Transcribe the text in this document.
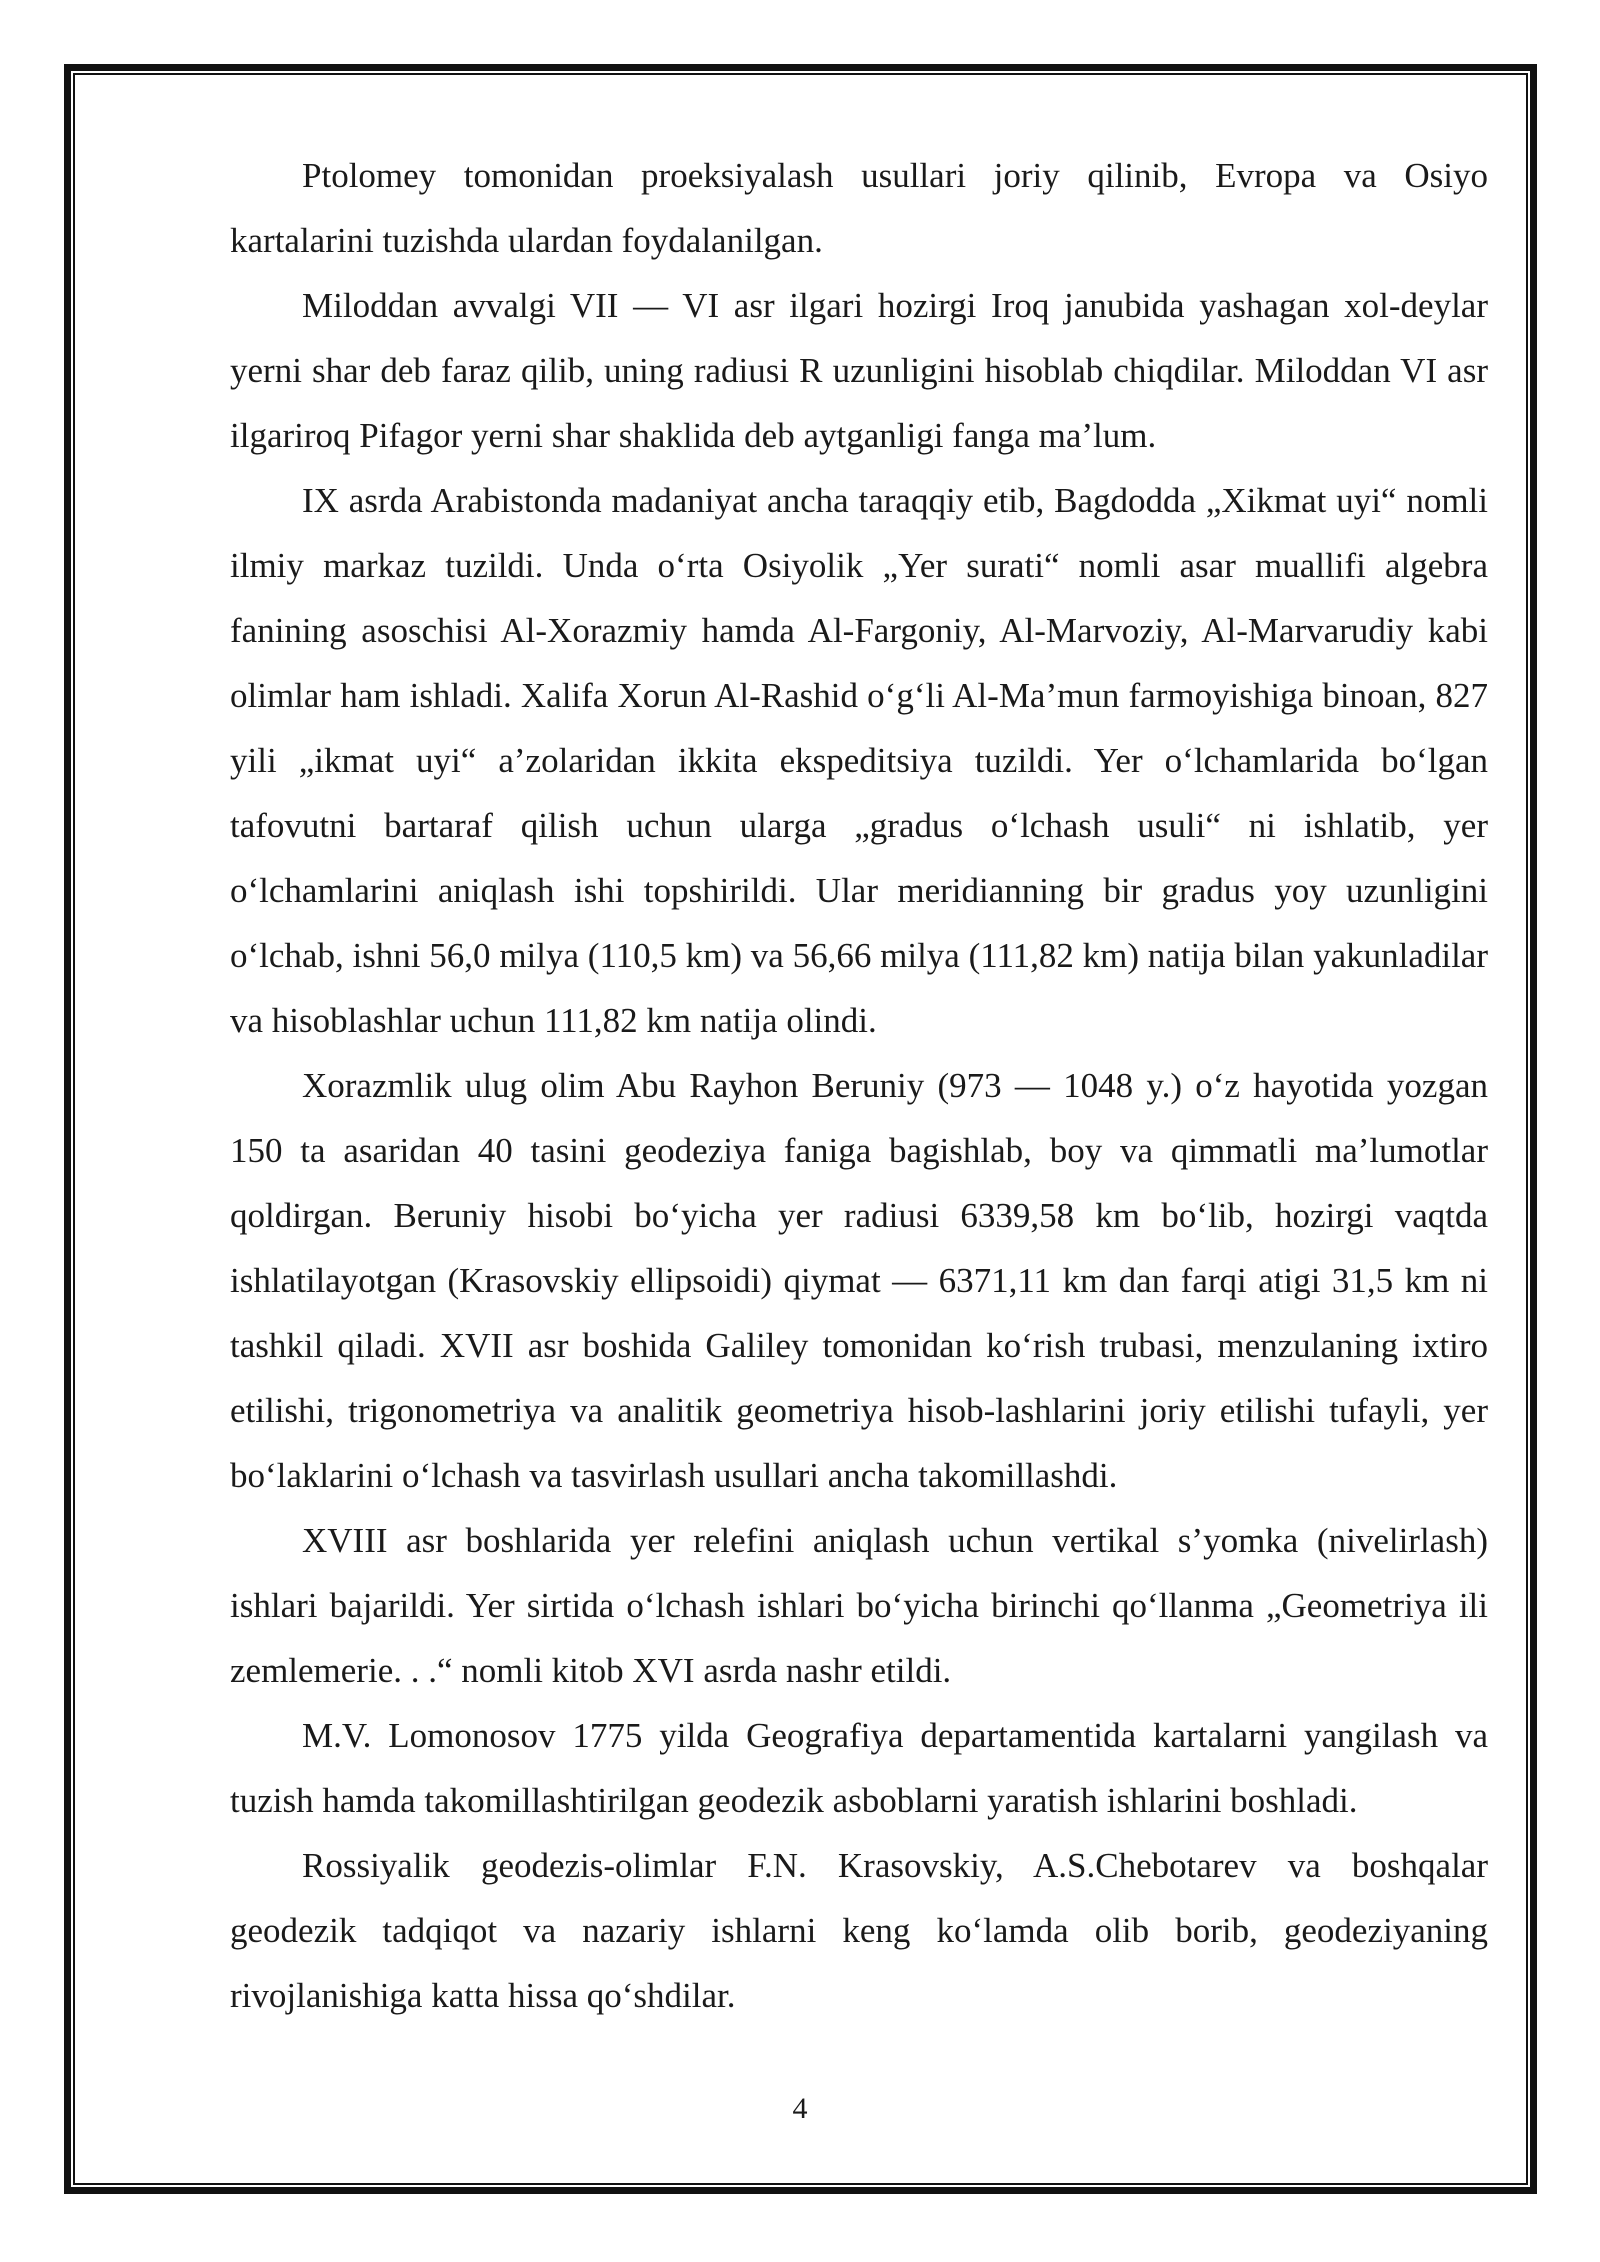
Ptolomey tomonidan proeksiyalash usullari joriy qilinib, Evropa va Osiyo kartalarini tuzishda ulardan foydalanilgan.

Miloddan avvalgi VII — VI asr ilgari hozirgi Iroq janubida yashagan xol-deylar yerni shar deb faraz qilib, uning radiusi R uzunligini hisoblab chiqdilar. Miloddan VI asr ilgariroq Pifagor yerni shar shaklida deb aytganligi fanga ma’lum.

IX asrda Arabistonda madaniyat ancha taraqqiy etib, Bagdodda „Xikmat uyi“ nomli ilmiy markaz tuzildi. Unda o‘rta Osiyolik „Yer surati“ nomli asar muallifi algebra fanining asoschisi Al-Xorazmiy hamda Al-Fargoniy, Al-Marvoziy, Al-Marvarudiy kabi olimlar ham ishladi. Xalifa Xorun Al-Rashid o‘g‘li Al-Ma’mun farmoyishiga binoan, 827 yili „ikmat uyi“ a’zolaridan ikkita ekspeditsiya tuzildi. Yer o‘lchamlarida bo‘lgan tafovutni bartaraf qilish uchun ularga „gradus o‘lchash usuli“ ni ishlatib, yer o‘lchamlarini aniqlash ishi topshirildi. Ular meridianning bir gradus yoy uzunligini o‘lchab, ishni 56,0 milya (110,5 km) va 56,66 milya (111,82 km) natija bilan yakunladilar va hisoblashlar uchun 111,82 km natija olindi.

Xorazmlik ulug olim Abu Rayhon Beruniy (973 — 1048 y.) o‘z hayotida yozgan 150 ta asaridan 40 tasini geodeziya faniga bagishlab, boy va qimmatli ma’lumotlar qoldirgan. Beruniy hisobi bo‘yicha yer radiusi 6339,58 km bo‘lib, hozirgi vaqtda ishlatilayotgan (Krasovskiy ellipsoidi) qiymat — 6371,11 km dan farqi atigi 31,5 km ni tashkil qiladi. XVII asr boshida Galiley tomonidan ko‘rish trubasi, menzulaning ixtiro etilishi, trigonometriya va analitik geometriya hisob-lashlarini joriy etilishi tufayli, yer bo‘laklarini o‘lchash va tasvirlash usullari ancha takomillashdi.

XVIII asr boshlarida yer relefini aniqlash uchun vertikal s’yomka (nivelirlash) ishlari bajarildi. Yer sirtida o‘lchash ishlari bo‘yicha birinchi qo‘llanma „Geometriya ili zemlemerie. . .“ nomli kitob XVI asrda nashr etildi.

M.V. Lomonosov 1775 yilda Geografiya departamentida kartalarni yangilash va tuzish hamda takomillashtirilgan geodezik asboblarni yaratish ishlarini boshladi.

Rossiyalik geodezis-olimlar F.N. Krasovskiy, A.S.Chebotarev va boshqalar geodezik tadqiqot va nazariy ishlarni keng ko‘lamda olib borib, geodeziyaning rivojlanishiga katta hissa qo‘shdilar.

4
